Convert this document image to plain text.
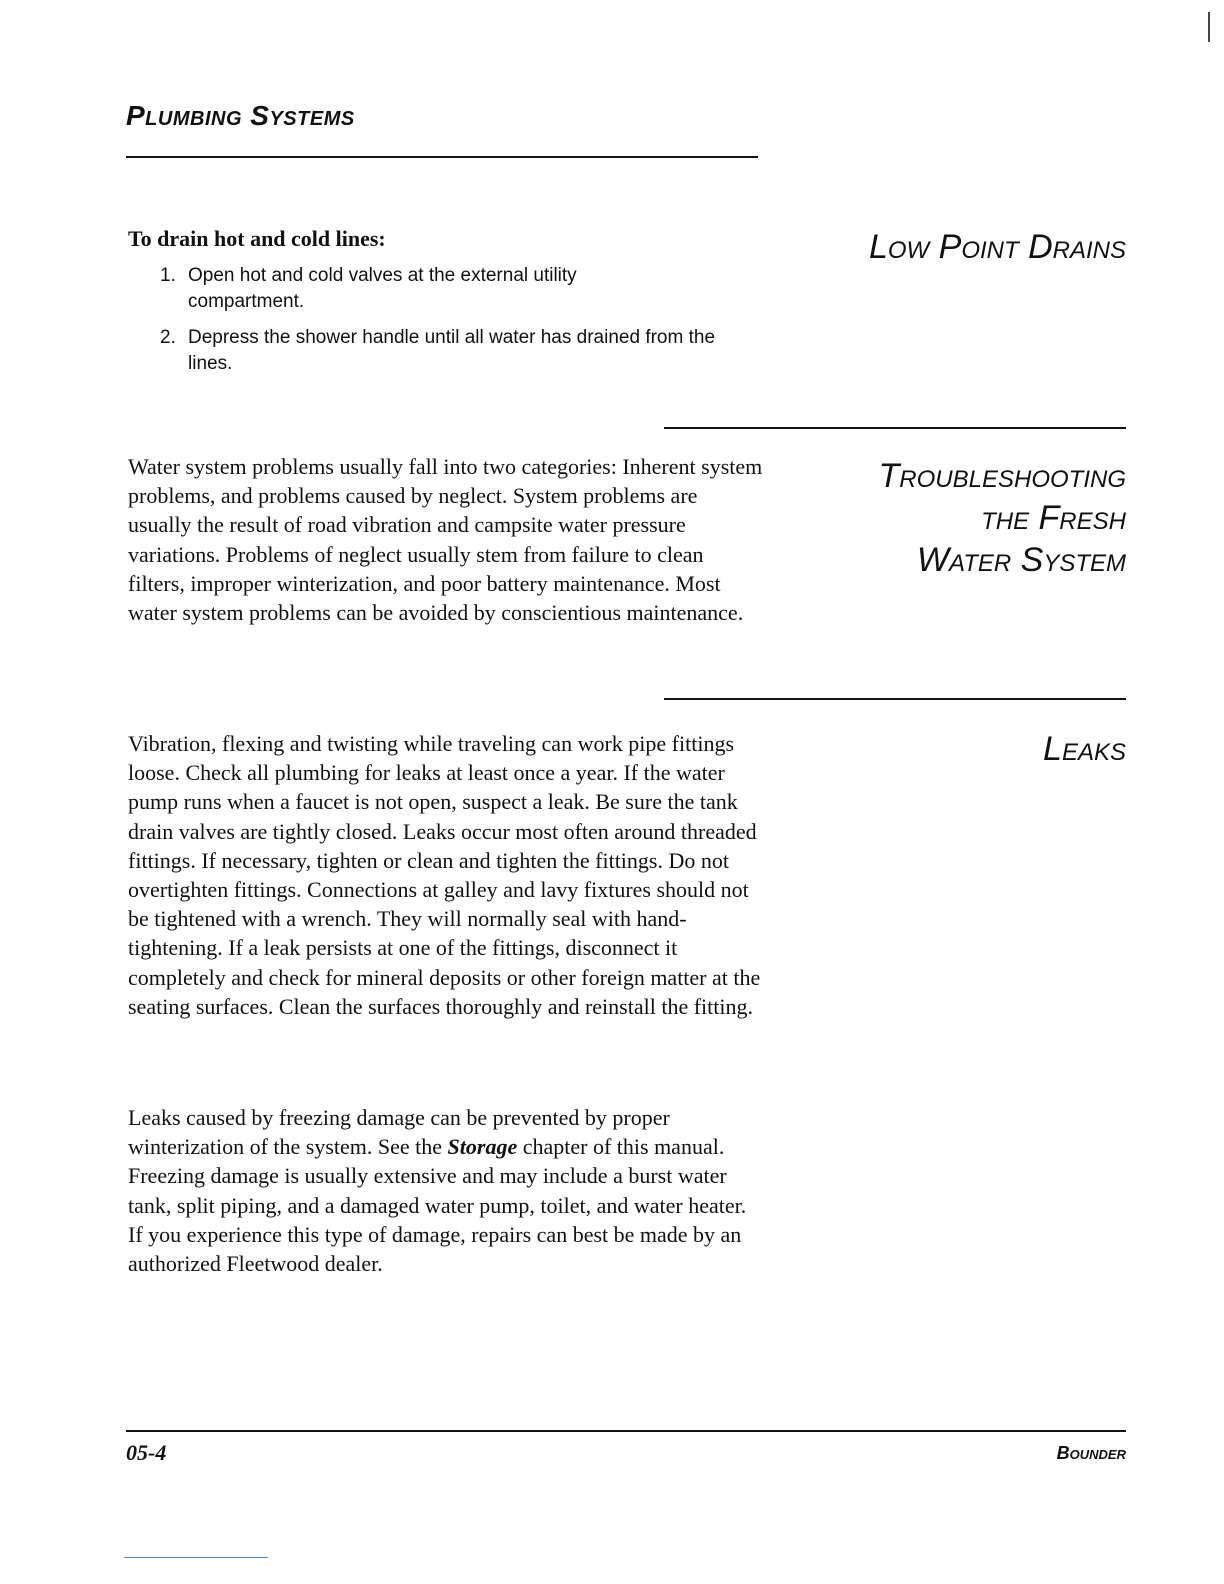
Plumbing Systems
Low Point Drains
To drain hot and cold lines:
1. Open hot and cold valves at the external utility compartment.
2. Depress the shower handle until all water has drained from the lines.
Troubleshooting
the Fresh
Water System

Water system problems usually fall into two categories: Inherent system problems, and problems caused by neglect. System problems are usually the result of road vibration and campsite water pressure variations. Problems of neglect usually stem from failure to clean filters, improper winterization, and poor battery maintenance. Most water system problems can be avoided by conscientious maintenance.

Leaks

Vibration, flexing and twisting while traveling can work pipe fittings loose. Check all plumbing for leaks at least once a year. If the water pump runs when a faucet is not open, suspect a leak. Be sure the tank drain valves are tightly closed. Leaks occur most often around threaded fittings. If necessary, tighten or clean and tighten the fittings. Do not overtighten fittings. Connections at galley and lavy fixtures should not be tightened with a wrench. They will normally seal with hand-tightening. If a leak persists at one of the fittings, disconnect it completely and check for mineral deposits or other foreign matter at the seating surfaces. Clean the surfaces thoroughly and reinstall the fitting.

Leaks caused by freezing damage can be prevented by proper winterization of the system. See the Storage chapter of this manual. Freezing damage is usually extensive and may include a burst water tank, split piping, and a damaged water pump, toilet, and water heater. If you experience this type of damage, repairs can best be made by an authorized Fleetwood dealer.

05-4	Bounder
